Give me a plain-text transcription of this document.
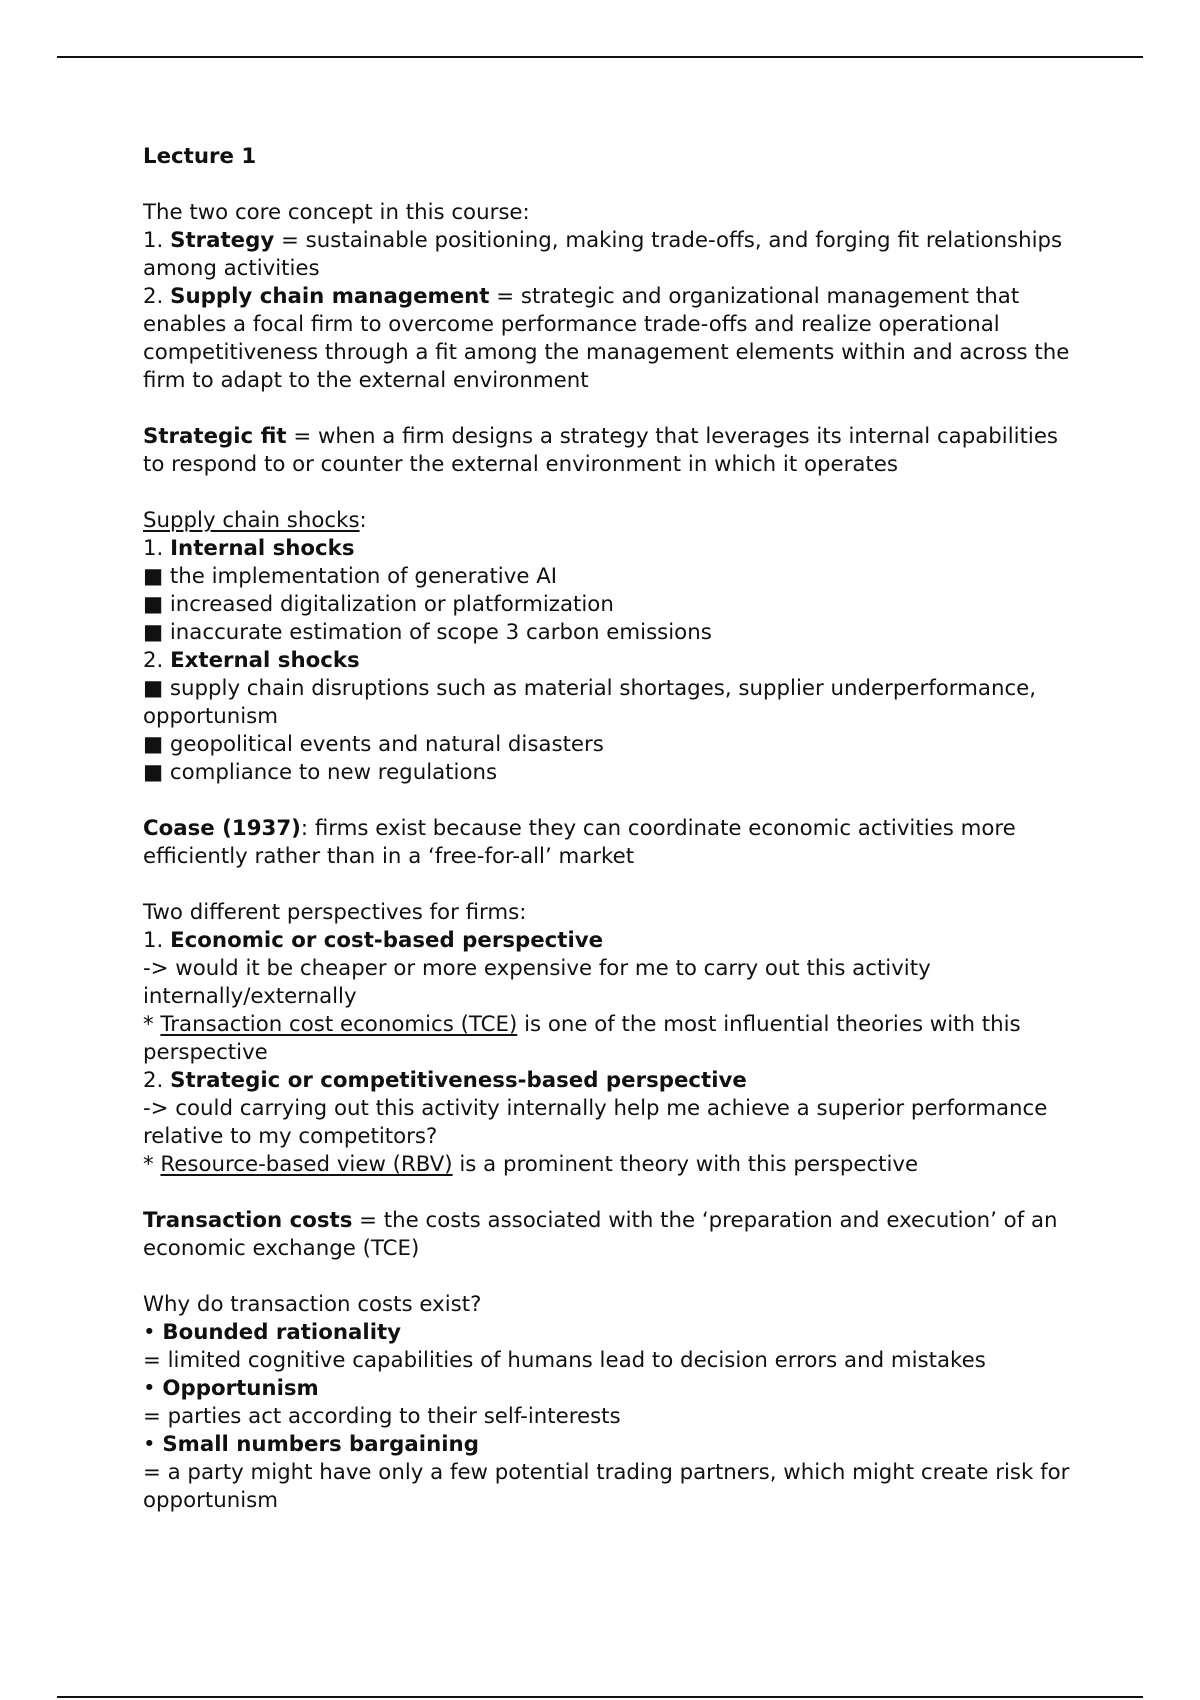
Lecture 1

The two core concept in this course:

1. Strategy = sustainable positioning, making trade-offs, and forging fit relationships among activities

2. Supply chain management = strategic and organizational management that enables a focal firm to overcome performance trade-offs and realize operational competitiveness through a fit among the management elements within and across the firm to adapt to the external environment

Strategic fit = when a firm designs a strategy that leverages its internal capabilities to respond to or counter the external environment in which it operates

Supply chain shocks:

1. Internal shocks

■ the implementation of generative AI

■ increased digitalization or platformization

■ inaccurate estimation of scope 3 carbon emissions

2. External shocks

■ supply chain disruptions such as material shortages, supplier underperformance, opportunism

■ geopolitical events and natural disasters

■ compliance to new regulations

Coase (1937): firms exist because they can coordinate economic activities more efficiently rather than in a ‘free-for-all’ market

Two different perspectives for firms:

1. Economic or cost-based perspective

-> would it be cheaper or more expensive for me to carry out this activity internally/externally

* Transaction cost economics (TCE) is one of the most influential theories with this perspective

2. Strategic or competitiveness-based perspective

-> could carrying out this activity internally help me achieve a superior performance relative to my competitors?

* Resource-based view (RBV) is a prominent theory with this perspective

Transaction costs = the costs associated with the ‘preparation and execution’ of an economic exchange (TCE)

Why do transaction costs exist?

• Bounded rationality

= limited cognitive capabilities of humans lead to decision errors and mistakes

• Opportunism

= parties act according to their self-interests

• Small numbers bargaining

= a party might have only a few potential trading partners, which might create risk for opportunism
